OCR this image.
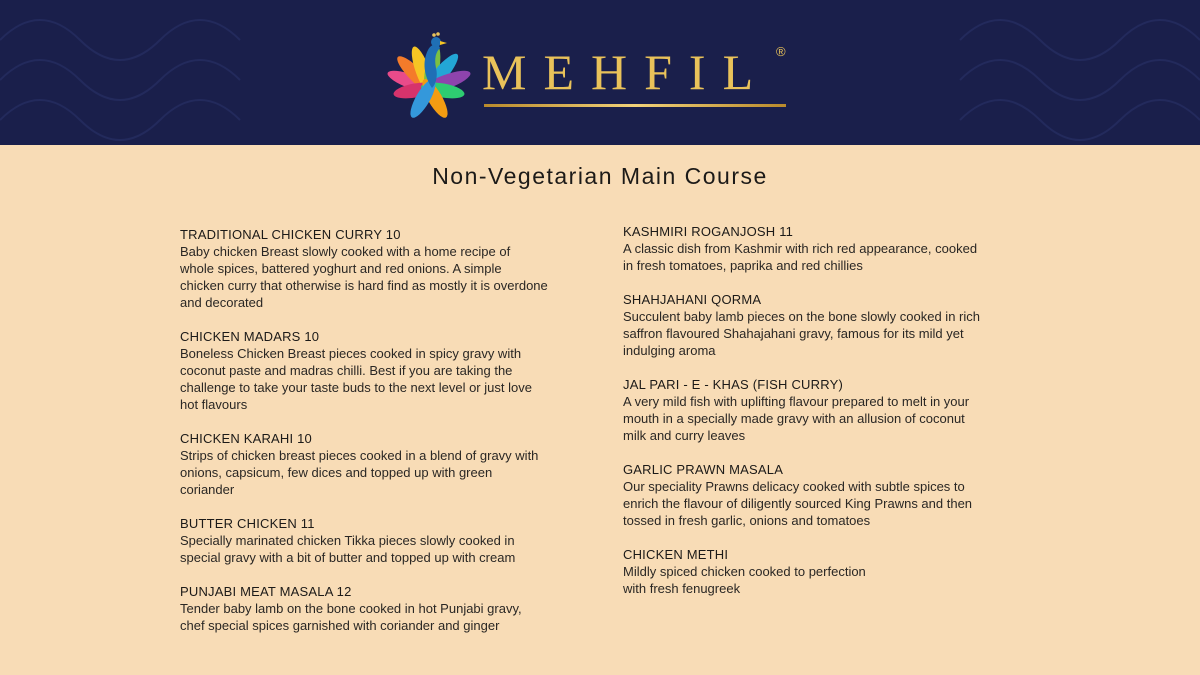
MEHFIL ®
Non-Vegetarian Main Course
TRADITIONAL CHICKEN CURRY 10
Baby chicken Breast slowly cooked with a home recipe of
whole spices, battered yoghurt and red onions. A simple
chicken curry that otherwise is hard find as mostly it is overdone
and decorated
CHICKEN MADARS 10
Boneless Chicken Breast pieces cooked in spicy gravy with
coconut paste and madras chilli. Best if you are taking the
challenge to take your taste buds to the next level or just love
hot flavours
CHICKEN KARAHI 10
Strips of chicken breast pieces cooked in a blend of gravy with
onions, capsicum, few dices and topped up with green
coriander
BUTTER CHICKEN 11
Specially marinated chicken Tikka pieces slowly cooked in
special gravy with a bit of butter and topped up with cream
PUNJABI MEAT MASALA 12
Tender baby lamb on the bone cooked in hot Punjabi gravy,
chef special spices garnished with coriander and ginger
KASHMIRI ROGANJOSH 11
A classic dish from Kashmir with rich red appearance, cooked
in fresh tomatoes, paprika and red chillies
SHAHJAHANI QORMA
Succulent baby lamb pieces on the bone slowly cooked in rich
saffron flavoured Shahajahani gravy, famous for its mild yet
indulging aroma
JAL PARI - E - KHAS (FISH CURRY)
A very mild fish with uplifting flavour prepared to melt in your
mouth in a specially made gravy with an allusion of coconut
milk and curry leaves
GARLIC PRAWN MASALA
Our speciality Prawns delicacy cooked with subtle spices to
enrich the flavour of diligently sourced King Prawns and then
tossed in fresh garlic, onions and tomatoes
CHICKEN METHI
Mildly spiced chicken cooked to perfection
with fresh fenugreek
